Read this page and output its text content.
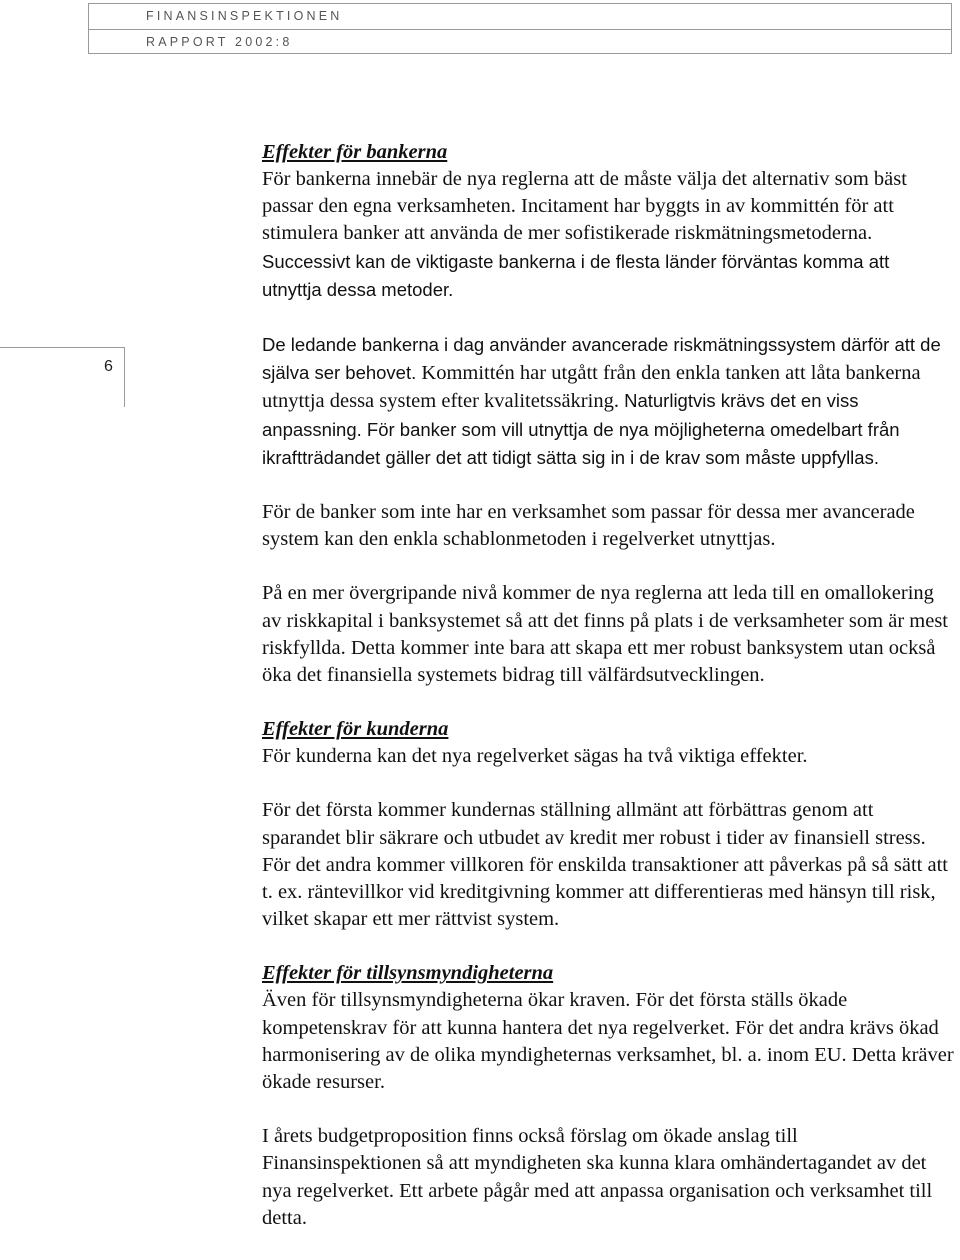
FINANSINSPEKTIONEN
RAPPORT 2002:8
6

Effekter för bankerna

För bankerna innebär de nya reglerna att de måste välja det alternativ som bäst passar den egna verksamheten. Incitament har byggts in av kommittén för att stimulera banker att använda de mer sofistikerade riskmätningsmetoderna. Successivt kan de viktigaste bankerna i de flesta länder förväntas komma att utnyttja dessa metoder.

De ledande bankerna i dag använder avancerade riskmätningssystem därför att de själva ser behovet. Kommittén har utgått från den enkla tanken att låta bankerna utnyttja dessa system efter kvalitetssäkring. Naturligtvis krävs det en viss anpassning. För banker som vill utnyttja de nya möjligheterna omedelbart från ikraftträdandet gäller det att tidigt sätta sig in i de krav som måste uppfyllas.

För de banker som inte har en verksamhet som passar för dessa mer avancerade system kan den enkla schablonmetoden i regelverket utnyttjas.

På en mer övergripande nivå kommer de nya reglerna att leda till en omallokering av riskkapital i banksystemet så att det finns på plats i de verksamheter som är mest riskfyllda. Detta kommer inte bara att skapa ett mer robust banksystem utan också öka det finansiella systemets bidrag till välfärdsutvecklingen.

Effekter för kunderna

För kunderna kan det nya regelverket sägas ha två viktiga effekter.

För det första kommer kundernas ställning allmänt att förbättras genom att sparandet blir säkrare och utbudet av kredit mer robust i tider av finansiell stress. För det andra kommer villkoren för enskilda transaktioner att påverkas på så sätt att t. ex. räntevillkor vid kreditgivning kommer att differentieras med hänsyn till risk, vilket skapar ett mer rättvist system.

Effekter för tillsynsmyndigheterna

Även för tillsynsmyndigheterna ökar kraven. För det första ställs ökade kompetenskrav för att kunna hantera det nya regelverket. För det andra krävs ökad harmonisering av de olika myndigheternas verksamhet, bl. a. inom EU. Detta kräver ökade resurser.

I årets budgetproposition finns också förslag om ökade anslag till Finansinspektionen så att myndigheten ska kunna klara omhändertagandet av det nya regelverket. Ett arbete pågår med att anpassa organisation och verksamhet till detta.
